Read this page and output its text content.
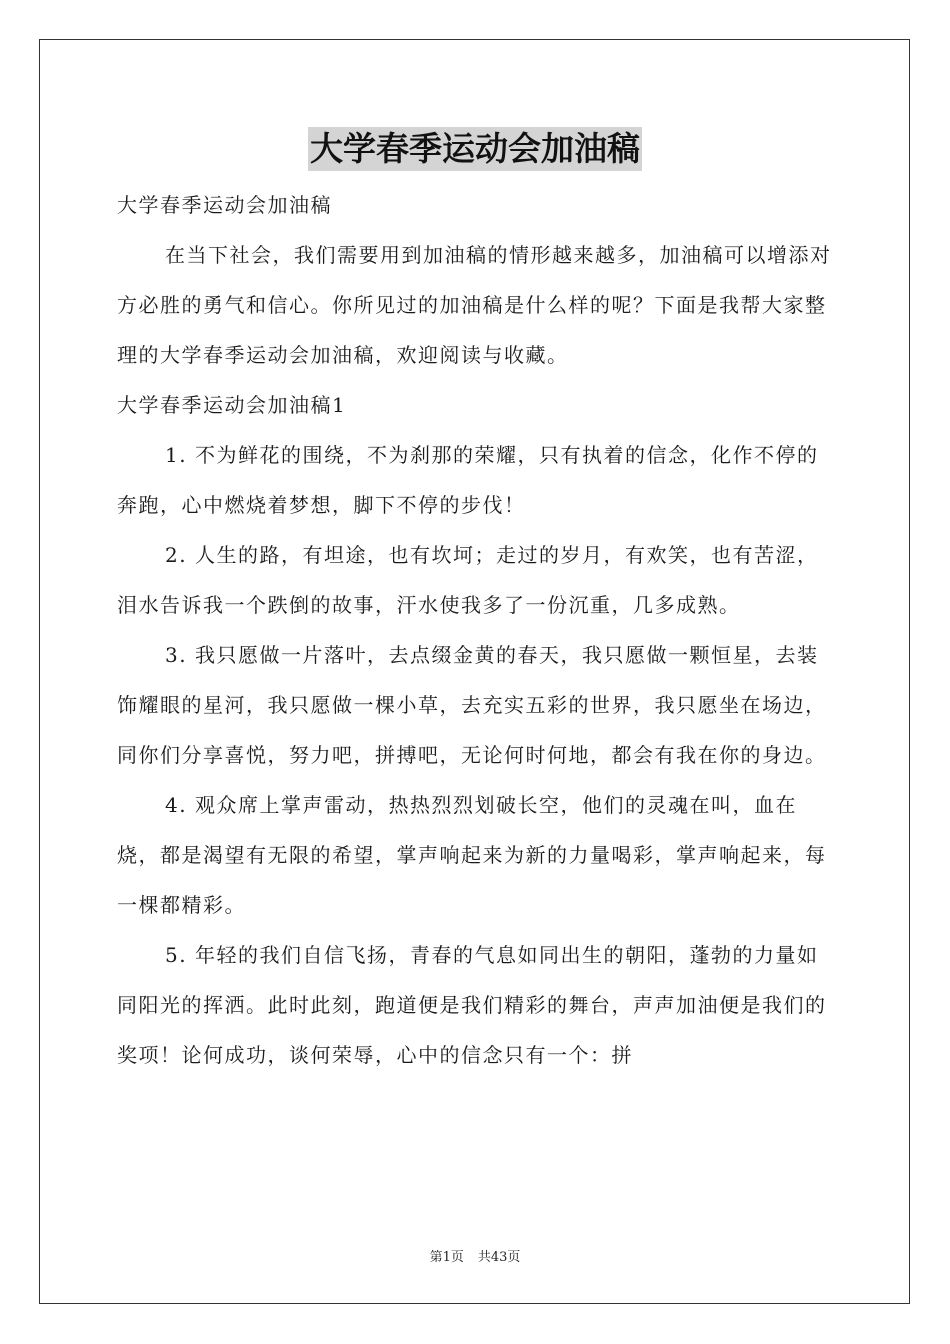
大学春季运动会加油稿

大学春季运动会加油稿

在当下社会，我们需要用到加油稿的情形越来越多，加油稿可以增添对方必胜的勇气和信心。你所见过的加油稿是什么样的呢？下面是我帮大家整理的大学春季运动会加油稿，欢迎阅读与收藏。

大学春季运动会加油稿1

1. 不为鲜花的围绕，不为刹那的荣耀，只有执着的信念，化作不停的奔跑，心中燃烧着梦想，脚下不停的步伐！

2. 人生的路，有坦途，也有坎坷；走过的岁月，有欢笑，也有苦涩，泪水告诉我一个跌倒的故事，汗水使我多了一份沉重，几多成熟。

3. 我只愿做一片落叶，去点缀金黄的春天，我只愿做一颗恒星，去装饰耀眼的星河，我只愿做一棵小草，去充实五彩的世界，我只愿坐在场边，同你们分享喜悦，努力吧，拼搏吧，无论何时何地，都会有我在你的身边。

4. 观众席上掌声雷动，热热烈烈划破长空，他们的灵魂在叫，血在烧，都是渴望有无限的希望，掌声响起来为新的力量喝彩，掌声响起来，每一棵都精彩。

5. 年轻的我们自信飞扬，青春的气息如同出生的朝阳，蓬勃的力量如同阳光的挥洒。此时此刻，跑道便是我们精彩的舞台，声声加油便是我们的奖项！论何成功，谈何荣辱，心中的信念只有一个：拼

第1页 共43页
